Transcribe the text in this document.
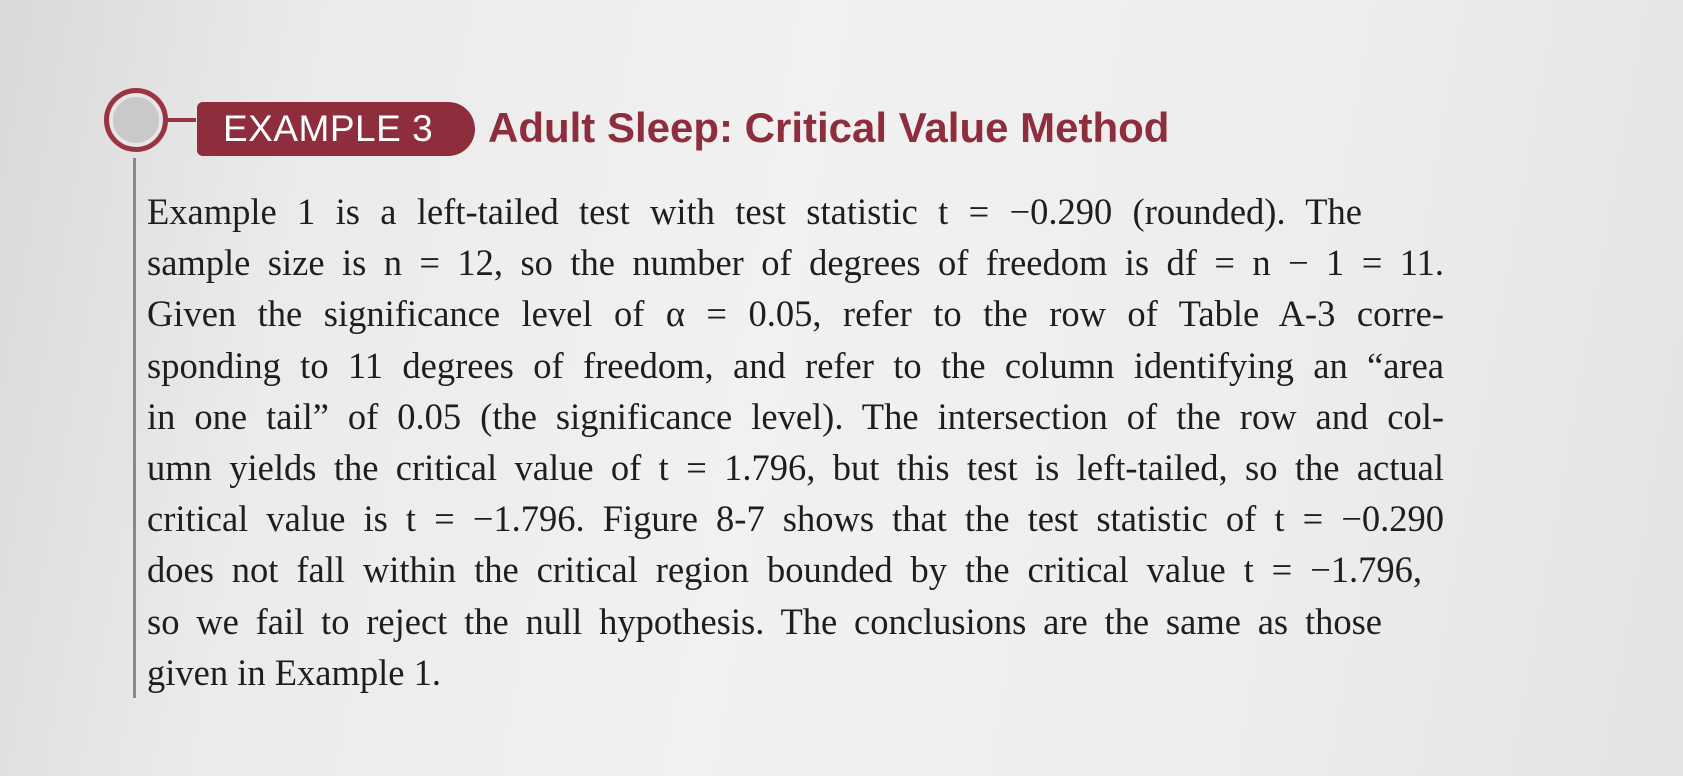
EXAMPLE 3	Adult Sleep: Critical Value Method
Example 1 is a left-tailed test with test statistic t = −0.290 (rounded). The
sample size is n = 12, so the number of degrees of freedom is df = n − 1 = 11.
Given the significance level of α = 0.05, refer to the row of Table A-3 corre-
sponding to 11 degrees of freedom, and refer to the column identifying an “area
in one tail” of 0.05 (the significance level). The intersection of the row and col-
umn yields the critical value of t = 1.796, but this test is left-tailed, so the actual
critical value is t = −1.796. Figure 8-7 shows that the test statistic of t = −0.290
does not fall within the critical region bounded by the critical value t = −1.796,
so we fail to reject the null hypothesis. The conclusions are the same as those
given in Example 1.
